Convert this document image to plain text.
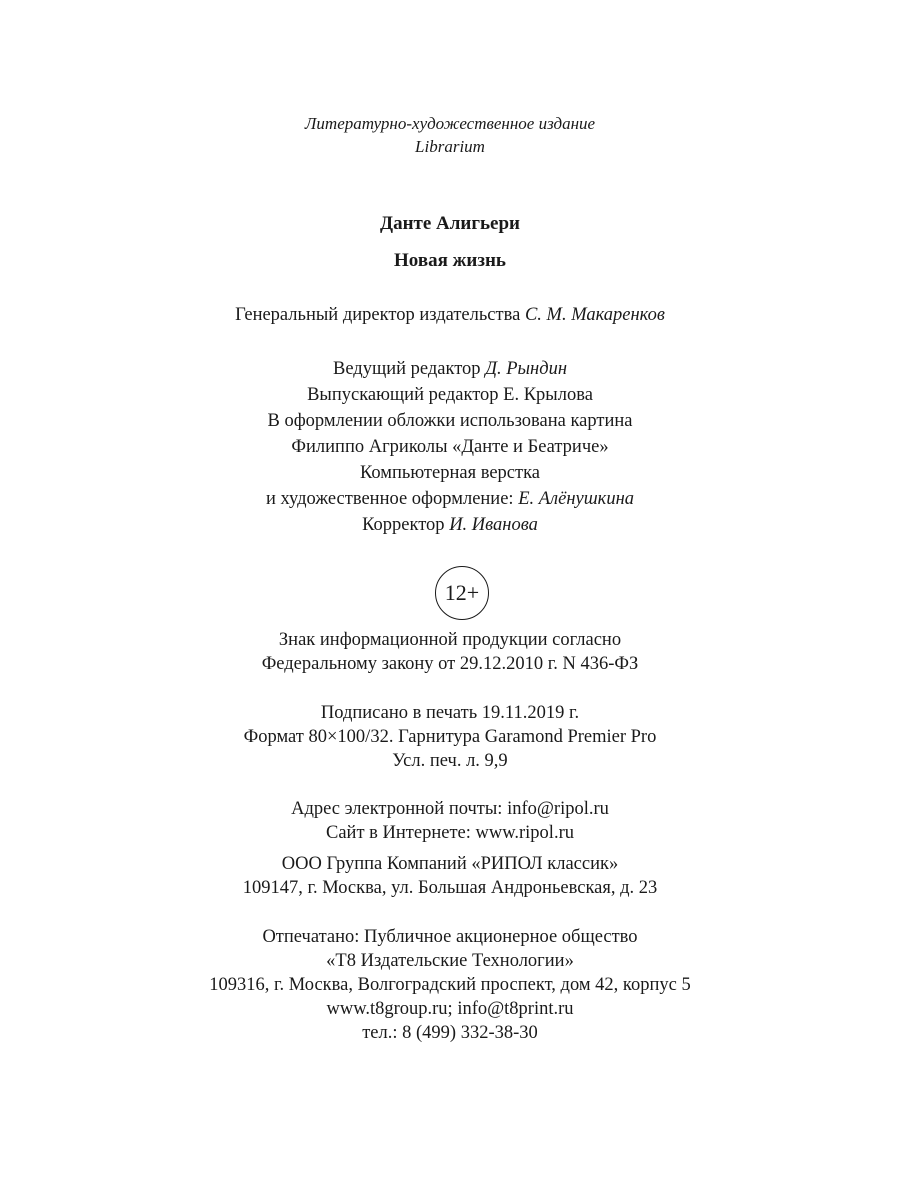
Литературно-художественное издание
Librarium
Данте Алигьери
Новая жизнь
Генеральный директор издательства С. М. Макаренков
Ведущий редактор Д. Рындин
Выпускающий редактор Е. Крылова
В оформлении обложки использована картина
Филиппо Агриколы «Данте и Беатриче»
Компьютерная верстка
и художественное оформление: Е. Алёнушкина
Корректор И. Иванова
12+
Знак информационной продукции согласно
Федеральному закону от 29.12.2010 г. N 436-ФЗ
Подписано в печать 19.11.2019 г.
Формат 80×100/32. Гарнитура Garamond Premier Pro
Усл. печ. л. 9,9
Адрес электронной почты: info@ripol.ru
Сайт в Интернете: www.ripol.ru
ООО Группа Компаний «РИПОЛ классик»
109147, г. Москва, ул. Большая Андроньевская, д. 23
Отпечатано: Публичное акционерное общество
«Т8 Издательские Технологии»
109316, г. Москва, Волгоградский проспект, дом 42, корпус 5
www.t8group.ru; info@t8print.ru
тел.: 8 (499) 332-38-30
